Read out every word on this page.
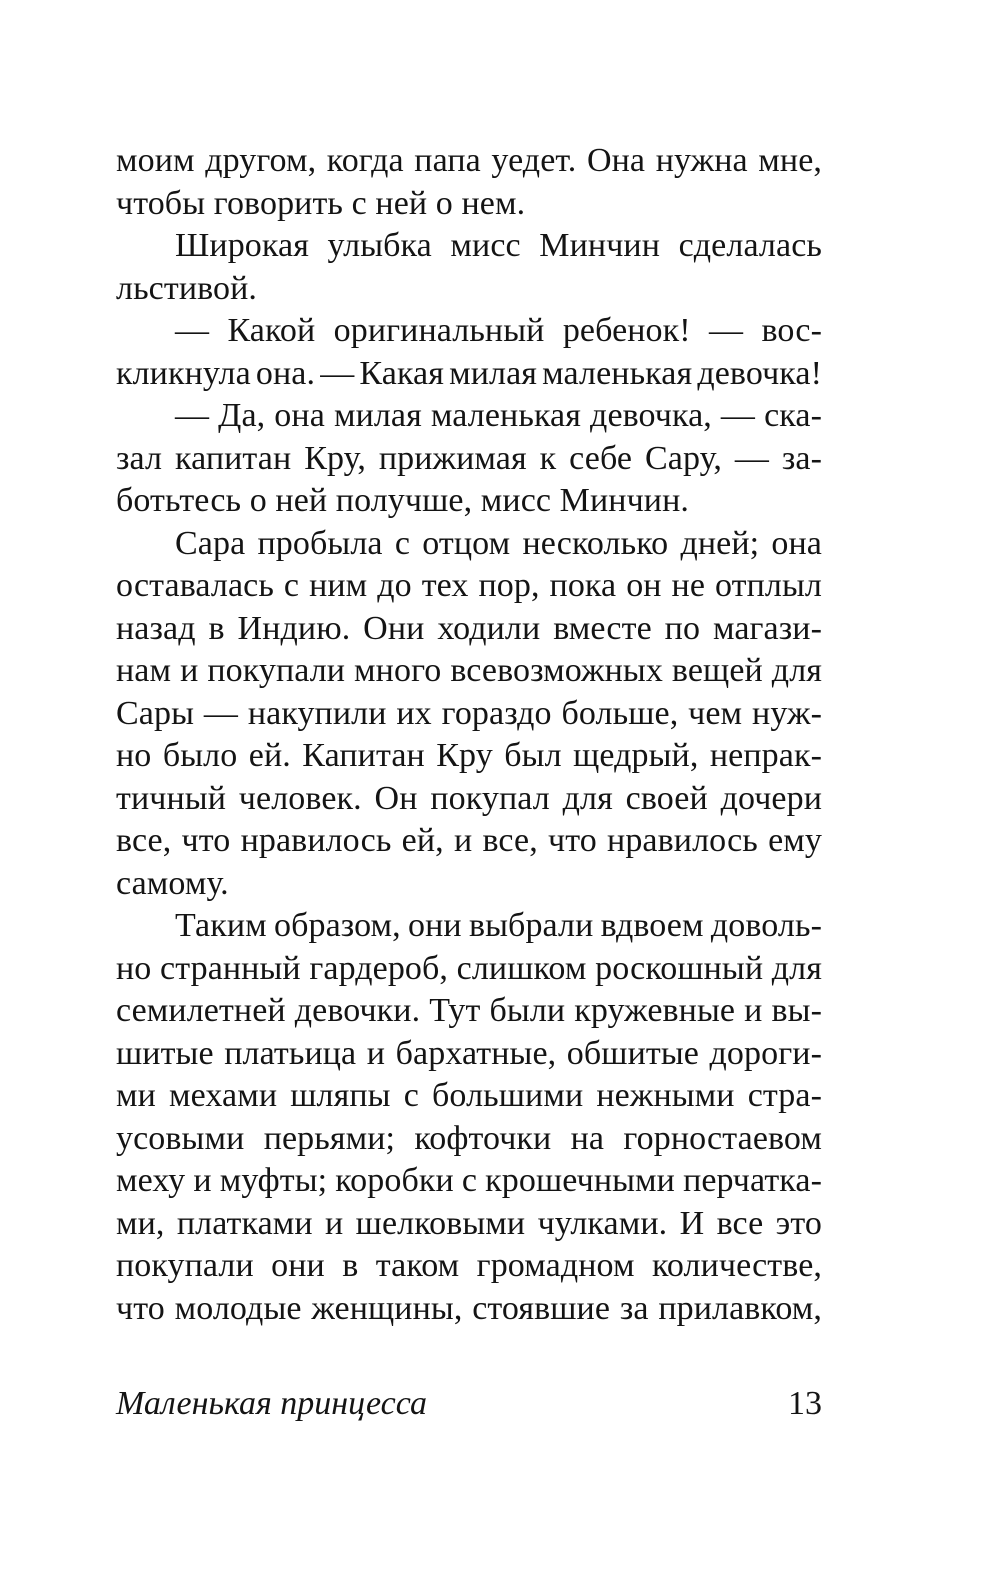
моим другом, когда папа уедет. Она нужна мне,
чтобы говорить с ней о нем.
Широкая улыбка мисс Минчин сделалась
льстивой.
— Какой оригинальный ребенок! — вос-
кликнула она. — Какая милая маленькая девочка!
— Да, она милая маленькая девочка, — ска-
зал капитан Кру, прижимая к себе Сару, — за-
ботьтесь о ней получше, мисс Минчин.
Сара пробыла с отцом несколько дней; она
оставалась с ним до тех пор, пока он не отплыл
назад в Индию. Они ходили вместе по магази-
нам и покупали много всевозможных вещей для
Сары — накупили их гораздо больше, чем нуж-
но было ей. Капитан Кру был щедрый, непрак-
тичный человек. Он покупал для своей дочери
все, что нравилось ей, и все, что нравилось ему
самому.
Таким образом, они выбрали вдвоем доволь-
но странный гардероб, слишком роскошный для
семилетней девочки. Тут были кружевные и вы-
шитые платьица и бархатные, обшитые дороги-
ми мехами шляпы с большими нежными стра-
усовыми перьями; кофточки на горностаевом
меху и муфты; коробки с крошечными перчатка-
ми, платками и шелковыми чулками. И все это
покупали они в таком громадном количестве,
что молодые женщины, стоявшие за прилавком,
Маленькая принцесса	13
